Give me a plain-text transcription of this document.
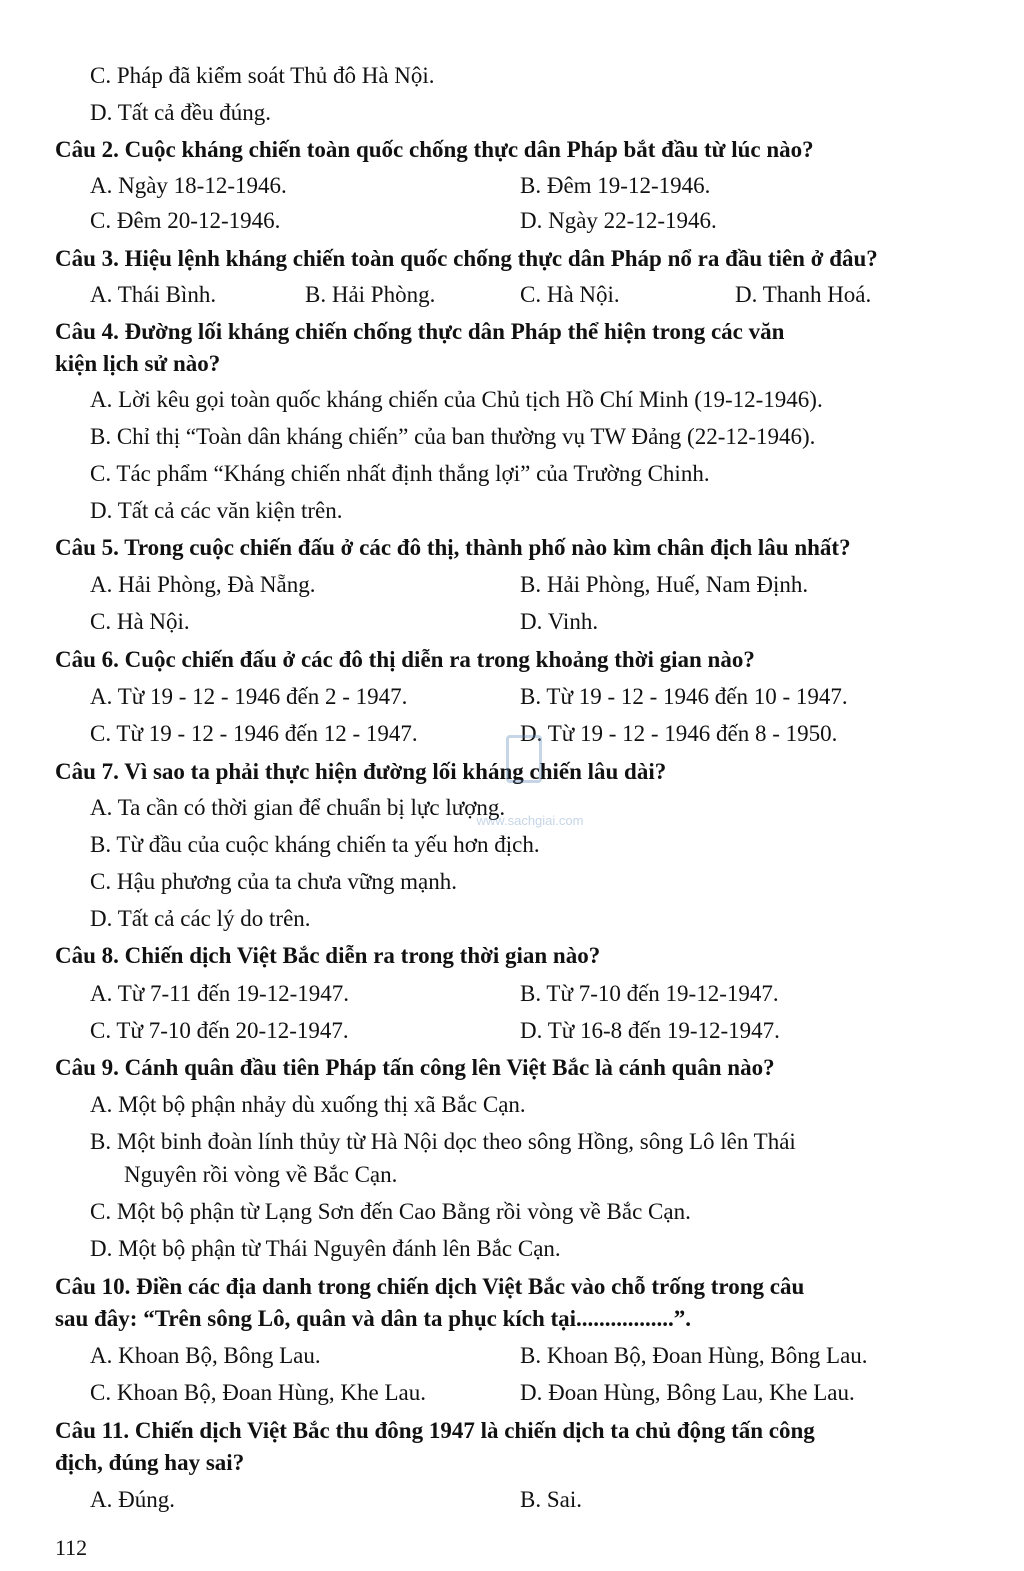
C. Pháp đã kiểm soát Thủ đô Hà Nội.
D. Tất cả đều đúng.
Câu 2. Cuộc kháng chiến toàn quốc chống thực dân Pháp bắt đầu từ lúc nào?
A. Ngày 18-12-1946.	B. Đêm 19-12-1946.
C. Đêm 20-12-1946.	D. Ngày 22-12-1946.
Câu 3. Hiệu lệnh kháng chiến toàn quốc chống thực dân Pháp nổ ra đầu tiên ở đâu?
A. Thái Bình.	B. Hải Phòng.	C. Hà Nội.	D. Thanh Hoá.
Câu 4. Đường lối kháng chiến chống thực dân Pháp thể hiện trong các văn
kiện lịch sử nào?
A. Lời kêu gọi toàn quốc kháng chiến của Chủ tịch Hồ Chí Minh (19-12-1946).
B. Chỉ thị “Toàn dân kháng chiến” của ban thường vụ TW Đảng (22-12-1946).
C. Tác phẩm “Kháng chiến nhất định thắng lợi” của Trường Chinh.
D. Tất cả các văn kiện trên.
Câu 5. Trong cuộc chiến đấu ở các đô thị, thành phố nào kìm chân địch lâu nhất?
A. Hải Phòng, Đà Nẵng.	B. Hải Phòng, Huế, Nam Định.
C. Hà Nội.	D. Vinh.
Câu 6. Cuộc chiến đấu ở các đô thị diễn ra trong khoảng thời gian nào?
A. Từ 19 - 12 - 1946 đến 2 - 1947.	B. Từ 19 - 12 - 1946 đến 10 - 1947.
C. Từ 19 - 12 - 1946 đến 12 - 1947.	D. Từ 19 - 12 - 1946 đến 8 - 1950.
Câu 7. Vì sao ta phải thực hiện đường lối kháng chiến lâu dài?
A. Ta cần có thời gian để chuẩn bị lực lượng.
B. Từ đầu của cuộc kháng chiến ta yếu hơn địch.
C. Hậu phương của ta chưa vững mạnh.
D. Tất cả các lý do trên.
Câu 8. Chiến dịch Việt Bắc diễn ra trong thời gian nào?
A. Từ 7-11 đến 19-12-1947.	B. Từ 7-10 đến 19-12-1947.
C. Từ 7-10 đến 20-12-1947.	D. Từ 16-8 đến 19-12-1947.
Câu 9. Cánh quân đầu tiên Pháp tấn công lên Việt Bắc là cánh quân nào?
A. Một bộ phận nhảy dù xuống thị xã Bắc Cạn.
B. Một binh đoàn lính thủy từ Hà Nội dọc theo sông Hồng, sông Lô lên Thái
Nguyên rồi vòng về Bắc Cạn.
C. Một bộ phận từ Lạng Sơn đến Cao Bằng rồi vòng về Bắc Cạn.
D. Một bộ phận từ Thái Nguyên đánh lên Bắc Cạn.
Câu 10. Điền các địa danh trong chiến dịch Việt Bắc vào chỗ trống trong câu
sau đây: “Trên sông Lô, quân và dân ta phục kích tại.................”.
A. Khoan Bộ, Bông Lau.	B. Khoan Bộ, Đoan Hùng, Bông Lau.
C. Khoan Bộ, Đoan Hùng, Khe Lau.	D. Đoan Hùng, Bông Lau, Khe Lau.
Câu 11. Chiến dịch Việt Bắc thu đông 1947 là chiến dịch ta chủ động tấn công
địch, đúng hay sai?
A. Đúng.	B. Sai.
www.sachgiai.com
112
